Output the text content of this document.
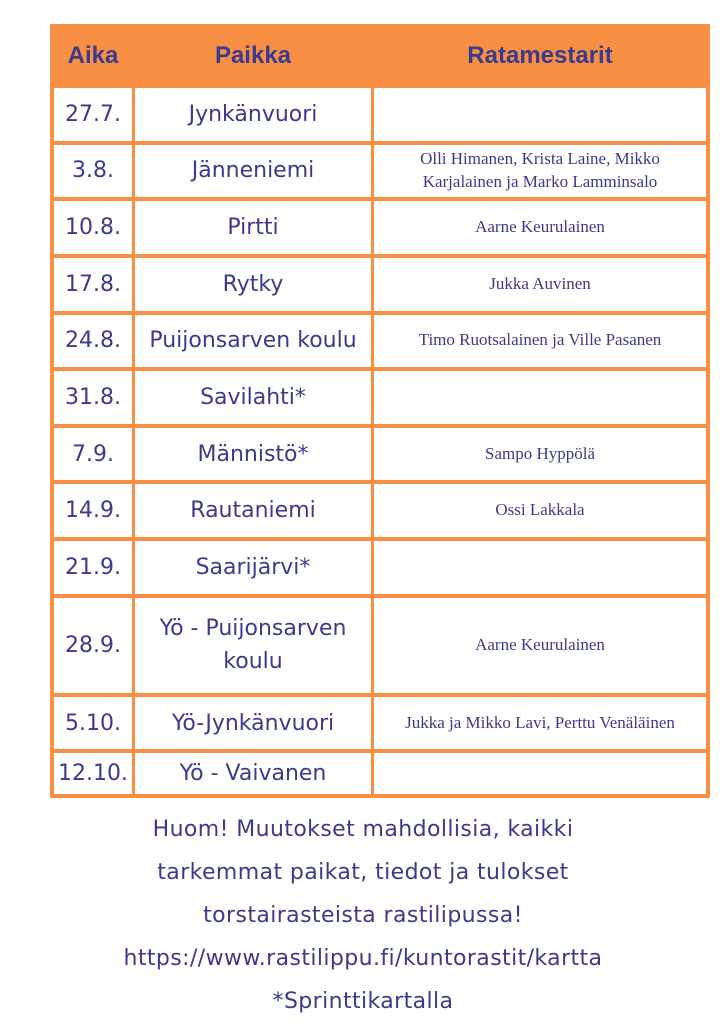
Aika	Paikka	Ratamestarit
27.7.	Jynkänvuori	
3.8.	Jänneniemi	Olli Himanen, Krista Laine, Mikko Karjalainen ja Marko Lamminsalo
10.8.	Pirtti	Aarne Keurulainen
17.8.	Rytky	Jukka Auvinen
24.8.	Puijonsarven koulu	Timo Ruotsalainen ja Ville Pasanen
31.8.	Savilahti*	
7.9.	Männistö*	Sampo Hyppölä
14.9.	Rautaniemi	Ossi Lakkala
21.9.	Saarijärvi*	
28.9.	Yö - Puijonsarven koulu	Aarne Keurulainen
5.10.	Yö-Jynkänvuori	Jukka ja Mikko Lavi, Perttu Venäläinen
12.10.	Yö - Vaivanen	
Huom! Muutokset mahdollisia, kaikki
tarkemmat paikat, tiedot ja tulokset
torstairasteista rastilipussa!
https://www.rastilippu.fi/kuntorastit/kartta
*Sprinttikartalla
